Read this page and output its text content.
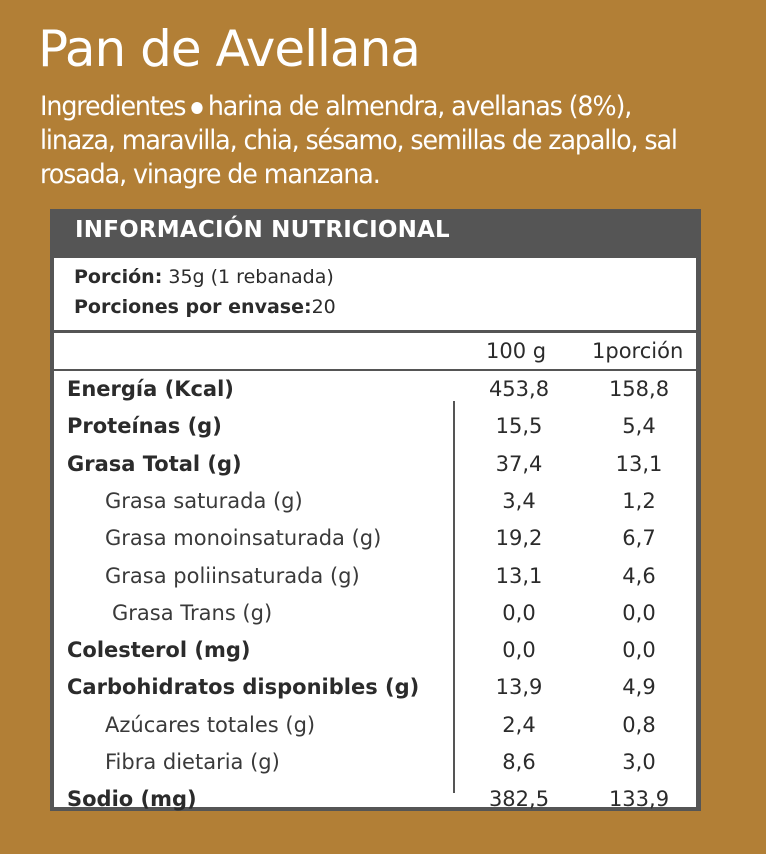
Pan de Avellana
Ingredientes harina de almendra, avellanas (8%), linaza, maravilla, chia, sésamo, semillas de zapallo, sal rosada, vinagre de manzana.
INFORMACIÓN NUTRICIONAL
Porción: 35g (1 rebanada)
Porciones por envase:20
100 g 1porción
Energía (Kcal)	453,8	158,8
Proteínas (g)	15,5	5,4
Grasa Total (g)	37,4	13,1
Grasa saturada (g)	3,4	1,2
Grasa monoinsaturada (g)	19,2	6,7
Grasa poliinsaturada (g)	13,1	4,6
Grasa Trans (g)	0,0	0,0
Colesterol (mg)	0,0	0,0
Carbohidratos disponibles (g)	13,9	4,9
Azúcares totales (g)	2,4	0,8
Fibra dietaria (g)	8,6	3,0
Sodio (mg)	382,5	133,9
